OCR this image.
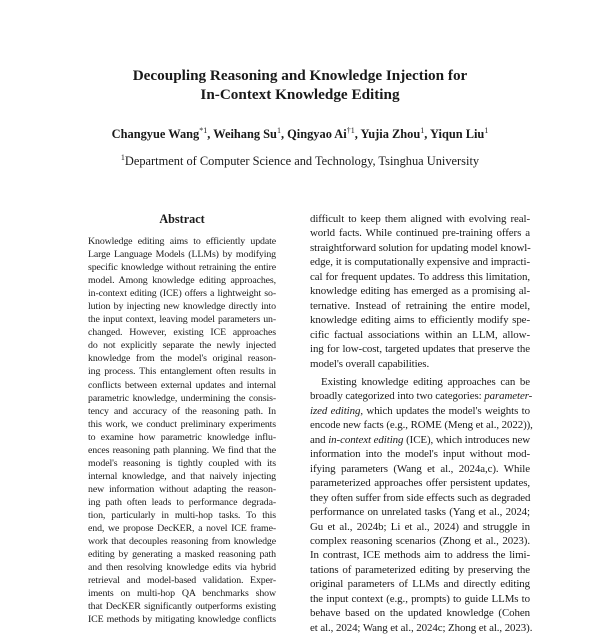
Decoupling Reasoning and Knowledge Injection for
In-Context Knowledge Editing
Changyue Wang$^{*1}$, Weihang Su$^1$, Qingyao Ai$^{\dagger 1}$, Yujia Zhou$^1$, Yiqun Liu$^1$
$^1$Department of Computer Science and Technology, Tsinghua University
Abstract
Knowledge editing aims to efficiently update
Large Language Models (LLMs) by modifying
specific knowledge without retraining the entire
model. Among knowledge editing approaches,
in-context editing (ICE) offers a lightweight so-
lution by injecting new knowledge directly into
the input context, leaving model parameters un-
changed. However, existing ICE approaches
do not explicitly separate the newly injected
knowledge from the model's original reason-
ing process. This entanglement often results in
conflicts between external updates and internal
parametric knowledge, undermining the consis-
tency and accuracy of the reasoning path. In
this work, we conduct preliminary experiments
to examine how parametric knowledge influ-
ences reasoning path planning. We find that the
model's reasoning is tightly coupled with its
internal knowledge, and that naively injecting
new information without adapting the reason-
ing path often leads to performance degrada-
tion, particularly in multi-hop tasks. To this
end, we propose DecKER, a novel ICE frame-
work that decouples reasoning from knowledge
editing by generating a masked reasoning path
and then resolving knowledge edits via hybrid
retrieval and model-based validation. Exper-
iments on multi-hop QA benchmarks show
that DecKER significantly outperforms existing
ICE methods by mitigating knowledge conflicts
difficult to keep them aligned with evolving real-
world facts. While continued pre-training offers a
straightforward solution for updating model knowl-
edge, it is computationally expensive and impracti-
cal for frequent updates. To address this limitation,
knowledge editing has emerged as a promising al-
ternative. Instead of retraining the entire model,
knowledge editing aims to efficiently modify spe-
cific factual associations within an LLM, allow-
ing for low-cost, targeted updates that preserve the
model's overall capabilities.
Existing knowledge editing approaches can be
broadly categorized into two categories: parameter-
ized editing, which updates the model's weights to
encode new facts (e.g., ROME (Meng et al., 2022)),
and in-context editing (ICE), which introduces new
information into the model's input without mod-
ifying parameters (Wang et al., 2024a,c). While
parameterized approaches offer persistent updates,
they often suffer from side effects such as degraded
performance on unrelated tasks (Yang et al., 2024;
Gu et al., 2024b; Li et al., 2024) and struggle in
complex reasoning scenarios (Zhong et al., 2023).
In contrast, ICE methods aim to address the limi-
tations of parameterized editing by preserving the
original parameters of LLMs and directly editing
the input context (e.g., prompts) to guide LLMs to
behave based on the updated knowledge (Cohen
et al., 2024; Wang et al., 2024c; Zhong et al., 2023).
